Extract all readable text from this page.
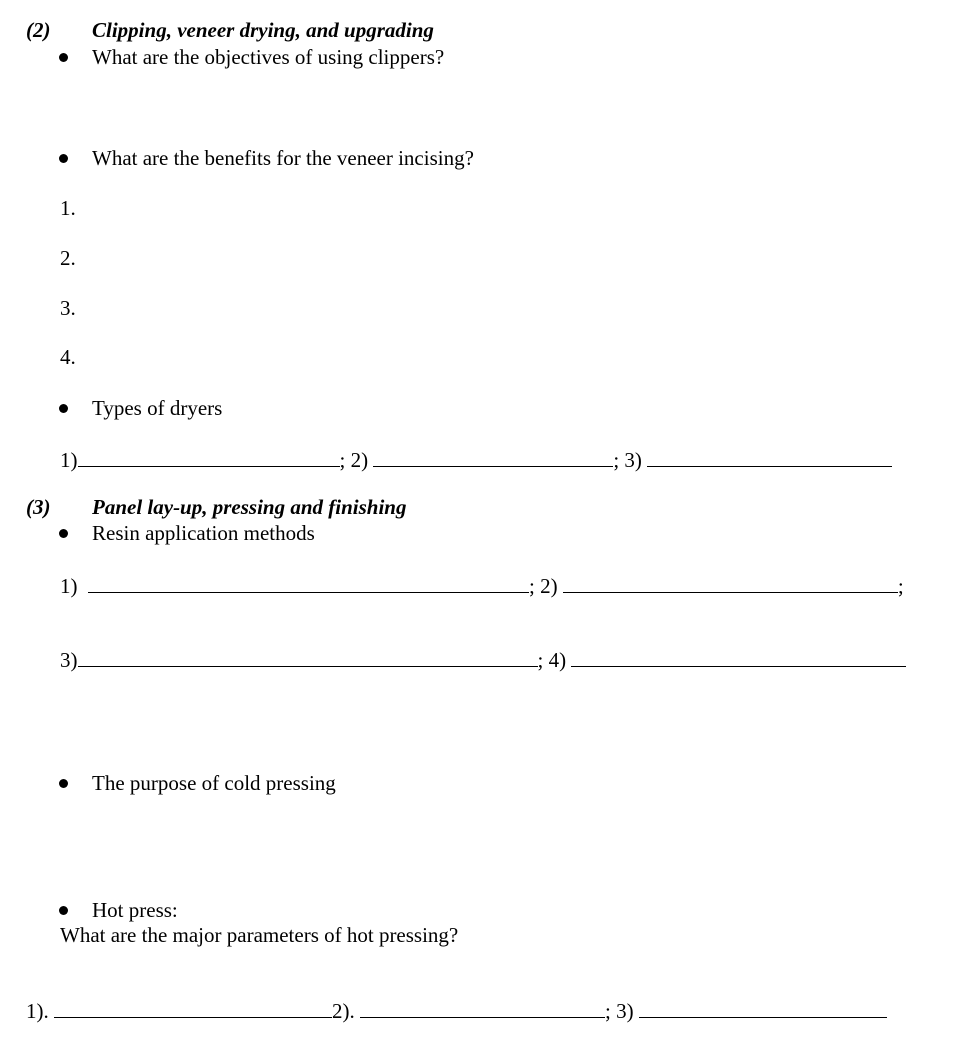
(2) Clipping, veneer drying, and upgrading
What are the objectives of using clippers?
What are the benefits for the veneer incising?
1.
2.
3.
4.
Types of dryers
1)	; 2)	; 3)
(3) Panel lay-up, pressing and finishing
Resin application methods
1)	; 2)	;
3)	; 4)
The purpose of cold pressing
Hot press:
What are the major parameters of hot pressing?
1).	2).	; 3)
